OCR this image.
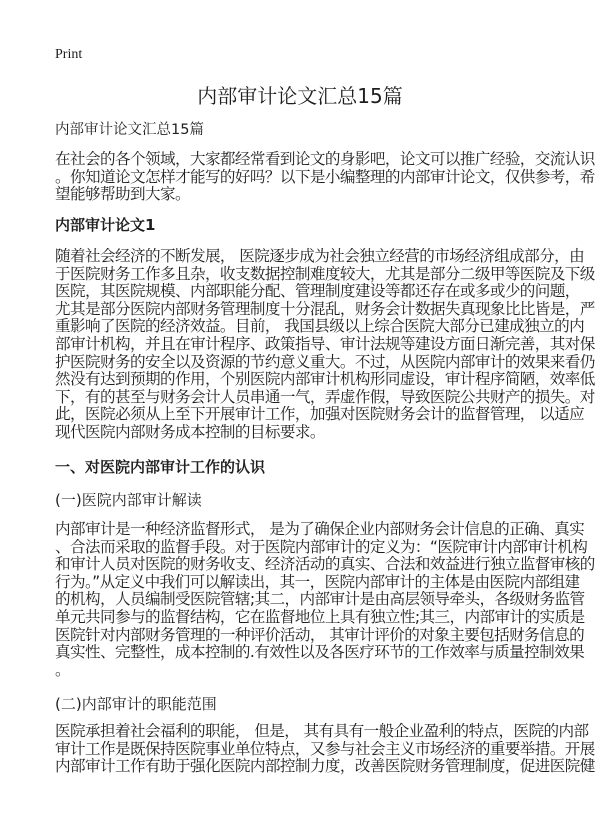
Print
内部审计论文汇总15篇
内部审计论文汇总15篇
在社会的各个领域，大家都经常看到论文的身影吧，论文可以推广经验，交流认识
。你知道论文怎样才能写的好吗？以下是小编整理的内部审计论文，仅供参考，希
望能够帮助到大家。
内部审计论文1
随着社会经济的不断发展， 医院逐步成为社会独立经营的市场经济组成部分，由
于医院财务工作多且杂，收支数据控制难度较大，尤其是部分二级甲等医院及下级
医院，其医院规模、内部职能分配、管理制度建设等都还存在或多或少的问题，
尤其是部分医院内部财务管理制度十分混乱，财务会计数据失真现象比比皆是，严
重影响了医院的经济效益。目前， 我国县级以上综合医院大部分已建成独立的内
部审计机构，并且在审计程序、政策指导、审计法规等建设方面日渐完善，其对保
护医院财务的安全以及资源的节约意义重大。不过，从医院内部审计的效果来看仍
然没有达到预期的作用，个别医院内部审计机构形同虚设，审计程序简陋，效率低
下，有的甚至与财务会计人员串通一气，弄虚作假，导致医院公共财产的损失。对
此，医院必须从上至下开展审计工作，加强对医院财务会计的监督管理， 以适应
现代医院内部财务成本控制的目标要求。
一、对医院内部审计工作的认识
(一)医院内部审计解读
内部审计是一种经济监督形式， 是为了确保企业内部财务会计信息的正确、真实
、合法而采取的监督手段。对于医院内部审计的定义为：“医院审计内部审计机构
和审计人员对医院的财务收支、经济活动的真实、合法和效益进行独立监督审核的
行为。”从定义中我们可以解读出，其一，医院内部审计的主体是由医院内部组建
的机构，人员编制受医院管辖;其二，内部审计是由高层领导牵头，各级财务监管
单元共同参与的监督结构，它在监督地位上具有独立性;其三，内部审计的实质是
医院针对内部财务管理的一种评价活动， 其审计评价的对象主要包括财务信息的
真实性、完整性，成本控制的.有效性以及各医疗环节的工作效率与质量控制效果
。
(二)内部审计的职能范围
医院承担着社会福利的职能， 但是， 其有具有一般企业盈利的特点，医院的内部
审计工作是既保持医院事业单位特点，又参与社会主义市场经济的重要举措。开展
内部审计工作有助于强化医院内部控制力度，改善医院财务管理制度，促进医院健
